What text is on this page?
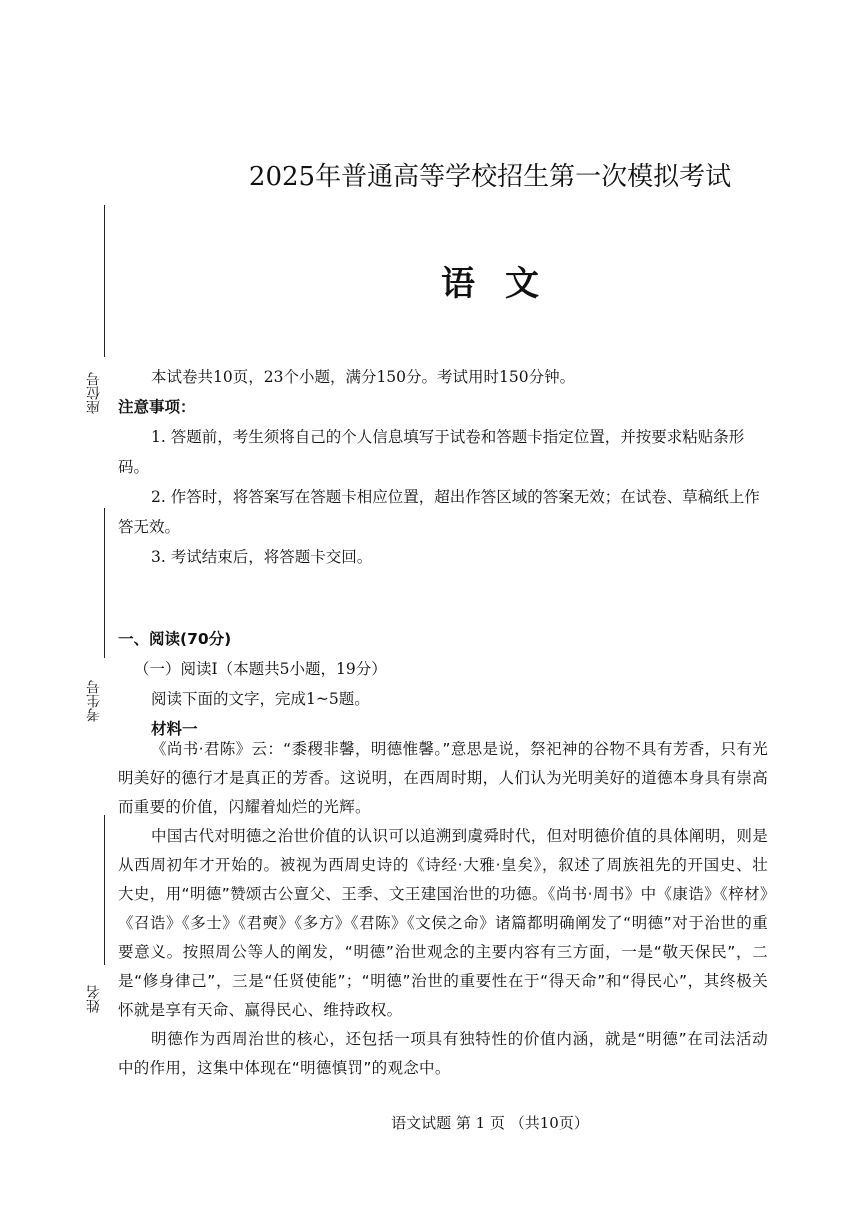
座位号
考生号
姓名
2025年普通高等学校招生第一次模拟考试
语文

本试卷共10页，23个小题，满分150分。考试用时150分钟。

注意事项：

1. 答题前，考生须将自己的个人信息填写于试卷和答题卡指定位置，并按要求粘贴条形码。

2. 作答时，将答案写在答题卡相应位置，超出作答区域的答案无效；在试卷、草稿纸上作答无效。

3. 考试结束后，将答题卡交回。

一、阅读(70分)

（一）阅读I（本题共5小题，19分）

阅读下面的文字，完成1~5题。

材料一

《尚书·君陈》云：“黍稷非馨，明德惟馨。”意思是说，祭祀神的谷物不具有芳香，只有光明美好的德行才是真正的芳香。这说明，在西周时期，人们认为光明美好的道德本身具有崇高而重要的价值，闪耀着灿烂的光辉。

中国古代对明德之治世价值的认识可以追溯到虞舜时代，但对明德价值的具体阐明，则是从西周初年才开始的。被视为西周史诗的《诗经·大雅·皇矣》，叙述了周族祖先的开国史、壮大史，用“明德”赞颂古公亶父、王季、文王建国治世的功德。《尚书·周书》中《康诰》《梓材》《召诰》《多士》《君奭》《多方》《君陈》《文侯之命》诸篇都明确阐发了“明德”对于治世的重要意义。按照周公等人的阐发，“明德”治世观念的主要内容有三方面，一是“敬天保民”，二是“修身律己”，三是“任贤使能”；“明德”治世的重要性在于“得天命”和“得民心”，其终极关怀就是享有天命、赢得民心、维持政权。

明德作为西周治世的核心，还包括一项具有独特性的价值内涵，就是“明德”在司法活动中的作用，这集中体现在“明德慎罚”的观念中。

语文试题 第 1 页 （共10页）
